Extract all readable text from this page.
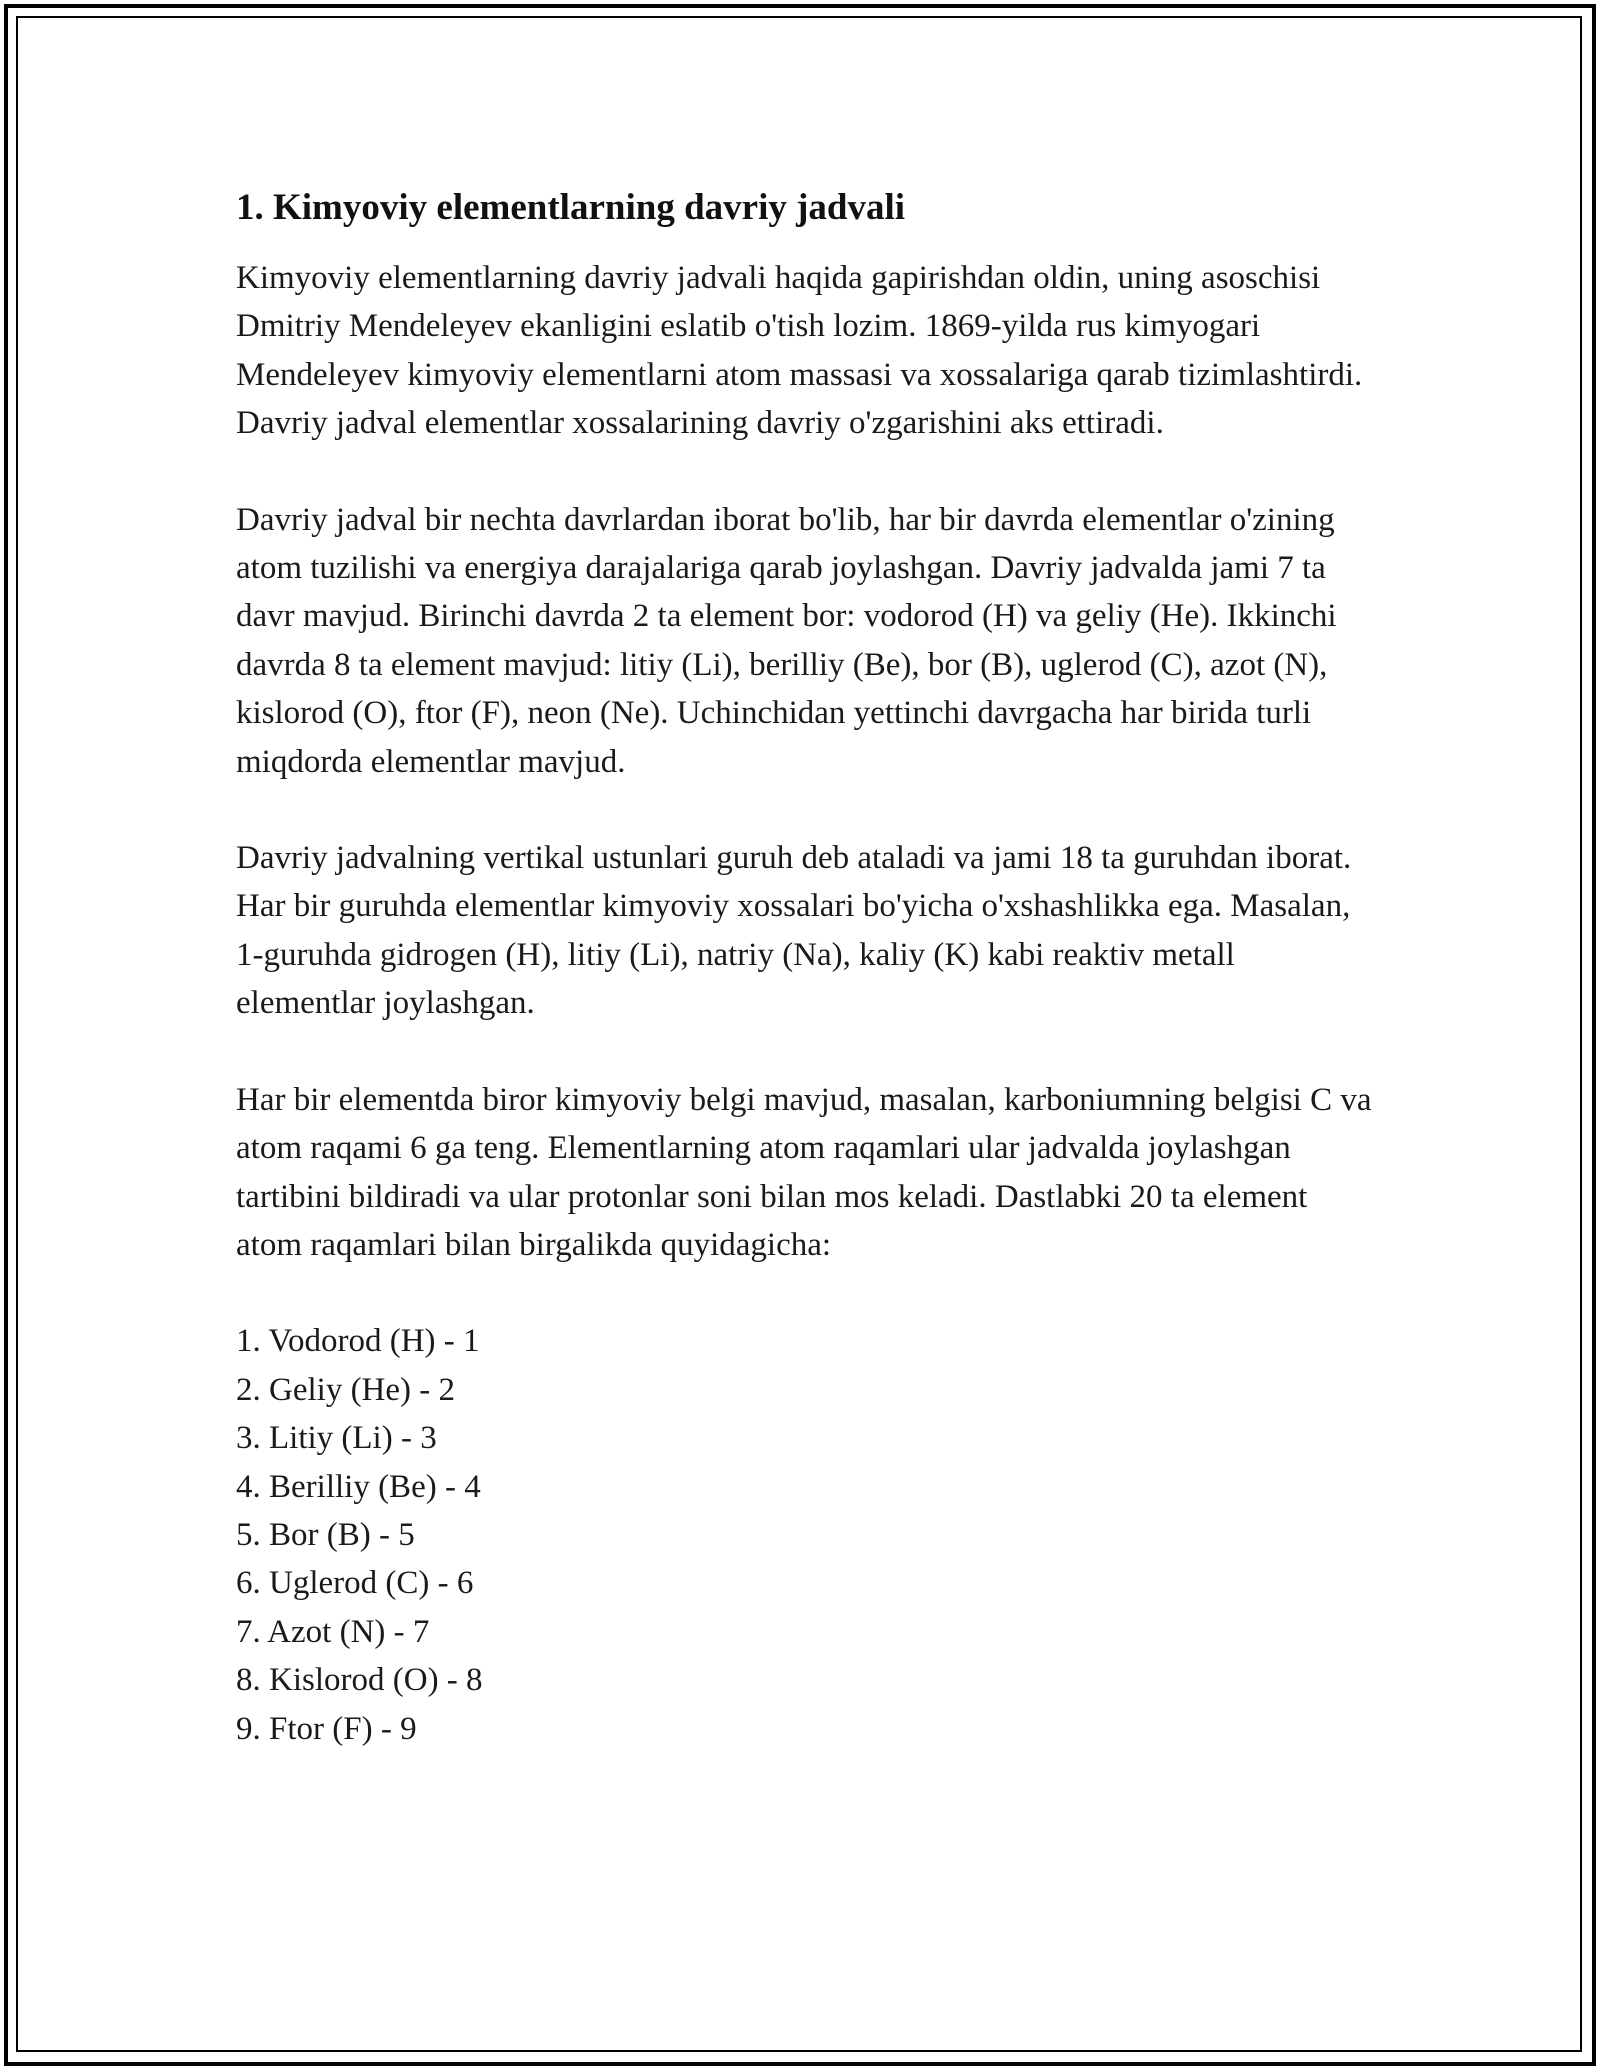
1. Kimyoviy elementlarning davriy jadvali

Kimyoviy elementlarning davriy jadvali haqida gapirishdan oldin, uning asoschisi Dmitriy Mendeleyev ekanligini eslatib o'tish lozim. 1869-yilda rus kimyogari Mendeleyev kimyoviy elementlarni atom massasi va xossalariga qarab tizimlashtirdi. Davriy jadval elementlar xossalarining davriy o'zgarishini aks ettiradi.

Davriy jadval bir nechta davrlardan iborat bo'lib, har bir davrda elementlar o'zining atom tuzilishi va energiya darajalariga qarab joylashgan. Davriy jadvalda jami 7 ta davr mavjud. Birinchi davrda 2 ta element bor: vodorod (H) va geliy (He). Ikkinchi davrda 8 ta element mavjud: litiy (Li), berilliy (Be), bor (B), uglerod (C), azot (N), kislorod (O), ftor (F), neon (Ne). Uchinchidan yettinchi davrgacha har birida turli miqdorda elementlar mavjud.

Davriy jadvalning vertikal ustunlari guruh deb ataladi va jami 18 ta guruhdan iborat. Har bir guruhda elementlar kimyoviy xossalari bo'yicha o'xshashlikka ega. Masalan, 1-guruhda gidrogen (H), litiy (Li), natriy (Na), kaliy (K) kabi reaktiv metall elementlar joylashgan.

Har bir elementda biror kimyoviy belgi mavjud, masalan, karboniumning belgisi C va atom raqami 6 ga teng. Elementlarning atom raqamlari ular jadvalda joylashgan tartibini bildiradi va ular protonlar soni bilan mos keladi. Dastlabki 20 ta element atom raqamlari bilan birgalikda quyidagicha:

1. Vodorod (H) - 1
2. Geliy (He) - 2
3. Litiy (Li) - 3
4. Berilliy (Be) - 4
5. Bor (B) - 5
6. Uglerod (C) - 6
7. Azot (N) - 7
8. Kislorod (O) - 8
9. Ftor (F) - 9
